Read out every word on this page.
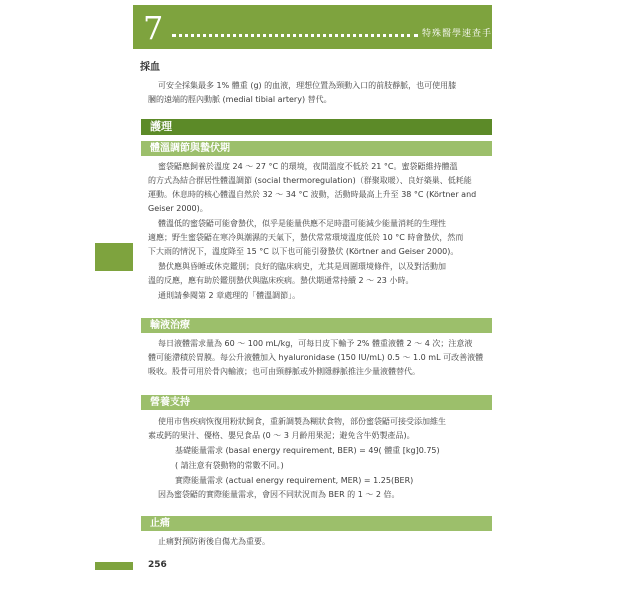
7	特殊醫學速查手冊
256
採血
可安全採集最多 1% 體重 (g) 的血液，理想位置為頸動入口的前肢靜脈，也可使用膝
膕的遠端的脛內動脈 (medial tibial artery) 替代。
護理
體溫調節與蟄伏期
蜜袋鼯應飼養於溫度 24 ～ 27 °C 的環境，夜間溫度不低於 21 °C。蜜袋鼯維持體溫
的方式為結合群居性體溫調節 (social thermoregulation)（群聚取暖）、良好築巢、低耗能
運動。休息時的核心體溫自然於 32 ～ 34 °C 波動，活動時最高上升至 38 °C (Körtner and
Geiser 2000)。
體溫低的蜜袋鼯可能會蟄伏，似乎是能量供應不足時盡可能減少能量消耗的生理性
適應；野生蜜袋鼯在寒冷與潮濕的天氣下，蟄伏常常環境溫度低於 10 °C 時會蟄伏，然而
下大雨的情況下，溫度降至 15 °C 以下也可能引發蟄伏 (Körtner and Geiser 2000)。
蟄伏應與昏睡或休克鑑別；良好的臨床病史，尤其是周圍環境條件，以及對活動加
溫的反應，應有助於鑑別蟄伏與臨床疾病。蟄伏期通常持續 2 ～ 23 小時。
通則請參閱第 2 章處理的「體溫調節」。
輸液治療
每日液體需求量為 60 ～ 100 mL/kg，可每日皮下輸予 2% 體重液體 2 ～ 4 次；注意液
體可能滯積於胃膜。每公升液體加入 hyaluronidase (150 IU/mL) 0.5 ～ 1.0 mL 可改善液體
吸收。股骨可用於骨內輸液；也可由頸靜脈或外側隱靜脈推注少量液體替代。
營養支持
使用市售疾病恢復用粉狀飼食，重新調製為糊狀食物，部份蜜袋鼯可接受添加維生
素或鈣的果汁、優格、嬰兒食品 (0 ～ 3 月齡用果泥；避免含牛奶製產品)。
基礎能量需求 (basal energy requirement, BER) = 49( 體重 [kg]0.75)
( 請注意有袋動物的常數不同。)
實際能量需求 (actual energy requirement, MER) = 1.25(BER)
因為蜜袋鼯的實際能量需求，會因不同狀況而為 BER 的 1 ～ 2 倍。
止痛
止痛對預防術後自傷尤為重要。
